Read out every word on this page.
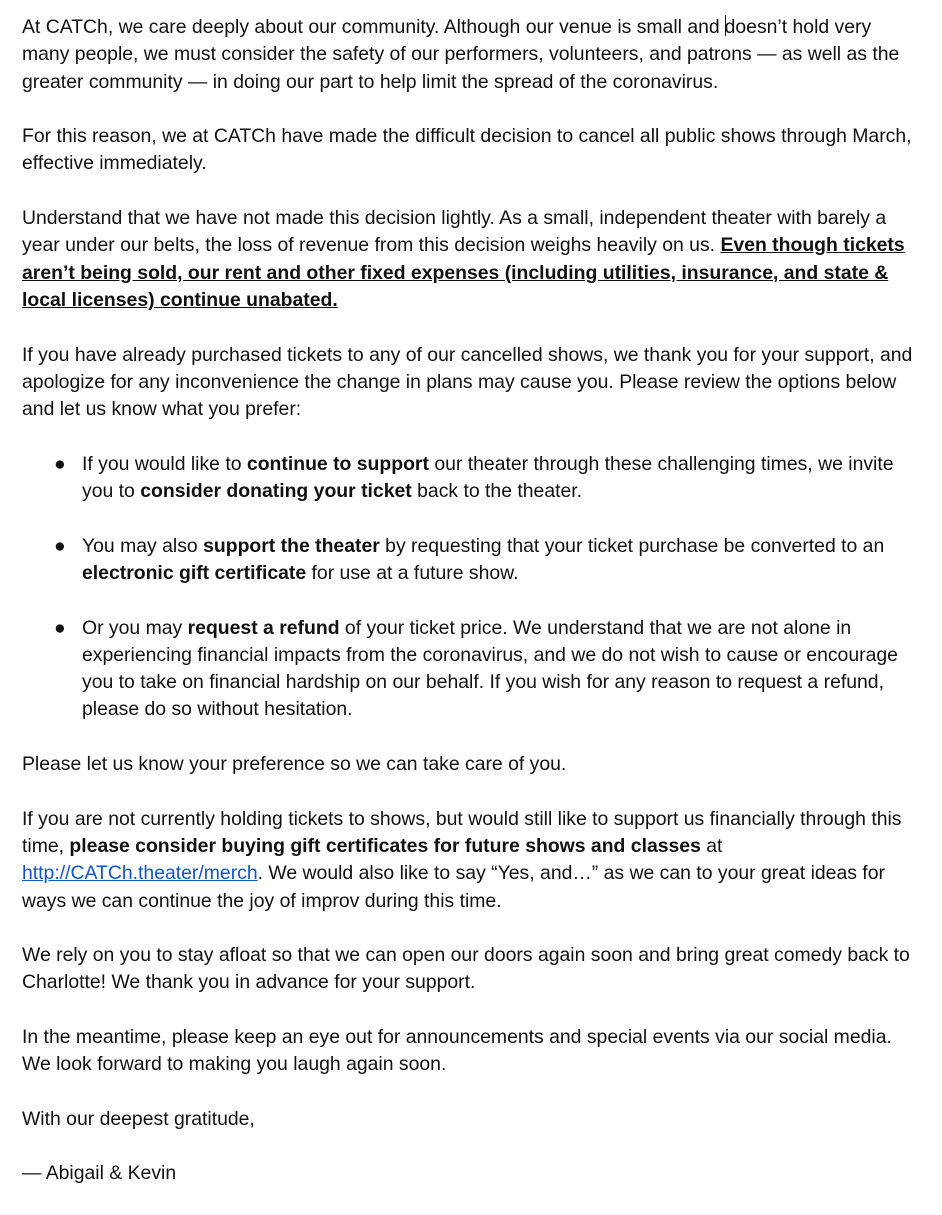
At CATCh, we care deeply about our community. Although our venue is small and doesn’t hold very many people, we must consider the safety of our performers, volunteers, and patrons — as well as the greater community — in doing our part to help limit the spread of the coronavirus.

For this reason, we at CATCh have made the difficult decision to cancel all public shows through March, effective immediately.

Understand that we have not made this decision lightly. As a small, independent theater with barely a year under our belts, the loss of revenue from this decision weighs heavily on us. Even though tickets aren’t being sold, our rent and other fixed expenses (including utilities, insurance, and state & local licenses) continue unabated.

If you have already purchased tickets to any of our cancelled shows, we thank you for your support, and apologize for any inconvenience the change in plans may cause you. Please review the options below and let us know what you prefer:

● If you would like to continue to support our theater through these challenging times, we invite you to consider donating your ticket back to the theater.
● You may also support the theater by requesting that your ticket purchase be converted to an electronic gift certificate for use at a future show.
● Or you may request a refund of your ticket price. We understand that we are not alone in experiencing financial impacts from the coronavirus, and we do not wish to cause or encourage you to take on financial hardship on our behalf. If you wish for any reason to request a refund, please do so without hesitation.

Please let us know your preference so we can take care of you.

If you are not currently holding tickets to shows, but would still like to support us financially through this time, please consider buying gift certificates for future shows and classes at http://CATCh.theater/merch. We would also like to say “Yes, and…” as we can to your great ideas for ways we can continue the joy of improv during this time.

We rely on you to stay afloat so that we can open our doors again soon and bring great comedy back to Charlotte! We thank you in advance for your support.

In the meantime, please keep an eye out for announcements and special events via our social media. We look forward to making you laugh again soon.

With our deepest gratitude,

— Abigail & Kevin
